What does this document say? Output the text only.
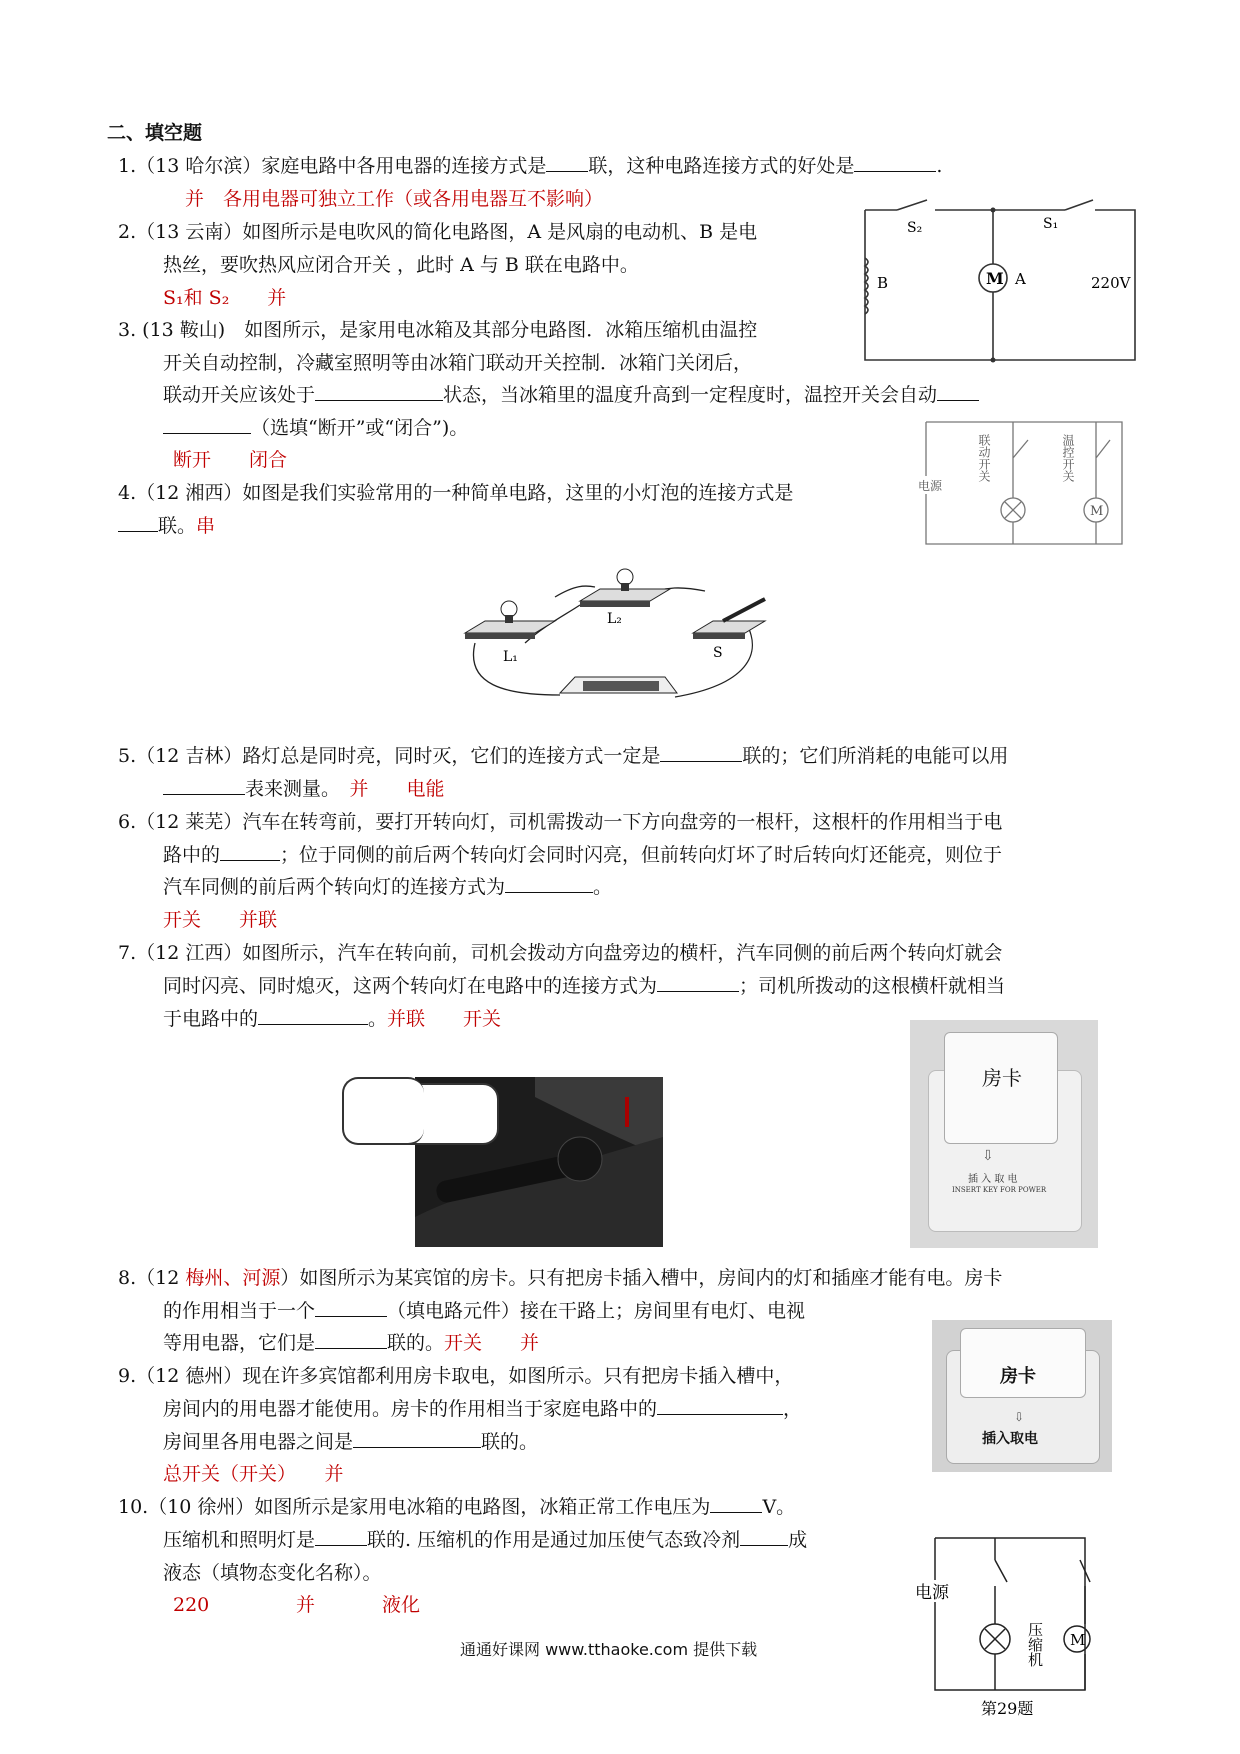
二、填空题
1.（13 哈尔滨）家庭电路中各用电器的连接方式是 联，这种电路连接方式的好处是	.
并　各用电器可独立工作（或各用电器互不影响）
2.（13 云南）如图所示是电吹风的简化电路图，A 是风扇的电动机、B 是电
热丝，要吹热风应闭合开关 ，此时 A 与 B 联在电路中。
S₁和 S₂　　并
3. (13 鞍山)　如图所示，是家用电冰箱及其部分电路图．冰箱压缩机由温控
开关自动控制，冷藏室照明等由冰箱门联动开关控制．冰箱门关闭后，
联动开关应该处于	状态，当冰箱里的温度升高到一定程度时，温控开关会自动
（选填“断开”或“闭合”)。
断开　　闭合
4.（12 湘西）如图是我们实验常用的一种简单电路，这里的小灯泡的连接方式是
联。串
5.（12 吉林）路灯总是同时亮，同时灭，它们的连接方式一定是	联的；它们所消耗的电能可以用
表来测量。　 并　　电能
6.（12 莱芜）汽车在转弯前，要打开转向灯，司机需拨动一下方向盘旁的一根杆，这根杆的作用相当于电
路中的	；位于同侧的前后两个转向灯会同时闪亮，但前转向灯坏了时后转向灯还能亮，则位于
汽车同侧的前后两个转向灯的连接方式为	。
开关　　并联
7.（12 江西）如图所示，汽车在转向前，司机会拨动方向盘旁边的横杆，汽车同侧的前后两个转向灯就会
同时闪亮、同时熄灭，这两个转向灯在电路中的连接方式为	；司机所拨动的这根横杆就相当
于电路中的	。并联　　开关
8.（12 梅州、河源）如图所示为某宾馆的房卡。只有把房卡插入槽中，房间内的灯和插座才能有电。房卡
的作用相当于一个	（填电路元件）接在干路上；房间里有电灯、电视
等用电器，它们是	联的。开关　　并
9.（12 德州）现在许多宾馆都利用房卡取电，如图所示。只有把房卡插入槽中，
房间内的用电器才能使用。房卡的作用相当于家庭电路中的	，
房间里各用电器之间是	联的。
总开关（开关）　　并
10.（10 徐州）如图所示是家用电冰箱的电路图，冰箱正常工作电压为	V。
压缩机和照明灯是	联的. 压缩机的作用是通过加压使气态致冷剂	成
液态（填物态变化名称）。
220	并	液化
S₂	S₁
B	M A	220V
电源
联动开关	温控开关
M
L₁
L₂
S
房卡
⇩
插 入 取 电
INSERT KEY FOR POWER
房卡
⇩
插入取电
电源
压缩机 M
第29题
通通好课网 www.tthaoke.com 提供下载
